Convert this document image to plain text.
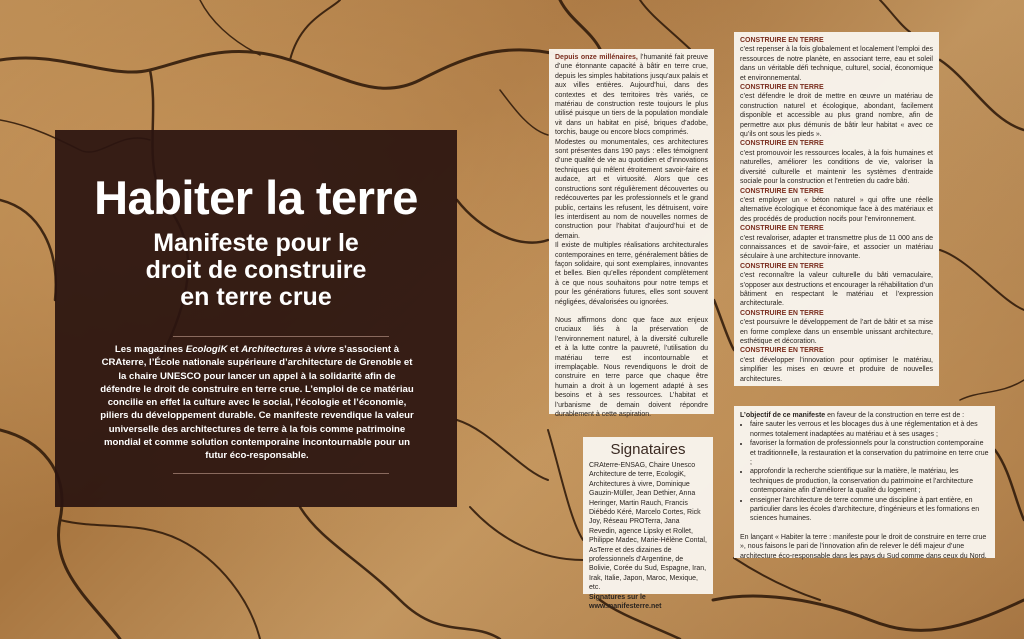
Habiter la terre
Manifeste pour le
droit de construire
en terre crue
Les magazines EcologiK et Architectures à vivre s’associent à CRAterre, l’École nationale supérieure d’architecture de Grenoble et la chaire UNESCO pour lancer un appel à la solidarité afin de défendre le droit de construire en terre crue. L’emploi de ce matériau concilie en effet la culture avec le social, l’écologie et l’économie, piliers du développement durable. Ce manifeste revendique la valeur universelle des architectures de terre à la fois comme patrimoine mondial et comme solution contemporaine incontournable pour un futur éco-responsable.

Depuis onze millénaires, l’humanité fait preuve d’une étonnante capacité à bâtir en terre crue, depuis les simples habitations jusqu’aux palais et aux villes entières. Aujourd’hui, dans des contextes et des territoires très variés, ce matériau de construction reste toujours le plus utilisé puisque un tiers de la population mondiale vit dans un habitat en pisé, briques d’adobe, torchis, bauge ou encore blocs comprimés.

Modestes ou monumentales, ces architectures sont présentes dans 190 pays : elles témoignent d’une qualité de vie au quotidien et d’innovations techniques qui mêlent étroitement savoir-faire et audace, art et virtuosité. Alors que ces constructions sont régulièrement découvertes ou redécouvertes par les professionnels et le grand public, certains les refusent, les détruisent, voire les interdisent au nom de nouvelles normes de construction pour l’habitat d’aujourd’hui et de demain.

Il existe de multiples réalisations architecturales contemporaines en terre, généralement bâties de façon solidaire, qui sont exemplaires, innovantes et belles. Bien qu’elles répondent complètement à ce que nous souhaitons pour notre temps et pour les générations futures, elles sont souvent négligées, dévalorisées ou ignorées.

Nous affirmons donc que face aux enjeux cruciaux liés à la préservation de l’environnement naturel, à la diversité culturelle et à la lutte contre la pauvreté, l’utilisation du matériau terre est incontournable et irremplaçable. Nous revendiquons le droit de construire en terre parce que chaque être humain a droit à un logement adapté à ses besoins et à ses ressources. L’habitat et l’urbanisme de demain doivent répondre durablement à cette aspiration.

Signataires

CRAterre-ENSAG, Chaire Unesco Architecture de terre, EcologiK, Architectures à vivre, Dominique Gauzin-Müller, Jean Dethier, Anna Heringer, Martin Rauch, Francis Diébédo Kéré, Marcelo Cortes, Rick Joy, Réseau PROTerra, Jana Revedin, agence Lipsky et Rollet, Philippe Madec, Marie-Hélène Contal, AsTerre et des dizaines de professionnels d’Argentine, de Bolivie, Corée du Sud, Espagne, Iran, Irak, Italie, Japon, Maroc, Mexique, etc.

Signatures sur le www.manifesterre.net

CONSTRUIRE EN TERRE

c’est repenser à la fois globalement et localement l’emploi des ressources de notre planète, en associant terre, eau et soleil dans un véritable défi technique, culturel, social, économique et environnemental.

CONSTRUIRE EN TERRE

c’est défendre le droit de mettre en œuvre un matériau de construction naturel et écologique, abondant, facilement disponible et accessible au plus grand nombre, afin de permettre aux plus démunis de bâtir leur habitat « avec ce qu’ils ont sous les pieds ».

CONSTRUIRE EN TERRE

c’est promouvoir les ressources locales, à la fois humaines et naturelles, améliorer les conditions de vie, valoriser la diversité culturelle et maintenir les systèmes d’entraide sociale pour la construction et l’entretien du cadre bâti.

CONSTRUIRE EN TERRE

c’est employer un « béton naturel » qui offre une réelle alternative écologique et économique face à des matériaux et des procédés de production nocifs pour l’environnement.

CONSTRUIRE EN TERRE

c’est revaloriser, adapter et transmettre plus de 11 000 ans de connaissances et de savoir-faire, et associer un matériau séculaire à une architecture innovante.

CONSTRUIRE EN TERRE

c’est reconnaître la valeur culturelle du bâti vernaculaire, s’opposer aux destructions et encourager la réhabilitation d’un bâtiment en respectant le matériau et l’expression architecturale.

CONSTRUIRE EN TERRE

c’est poursuivre le développement de l’art de bâtir et sa mise en forme complexe dans un ensemble unissant architecture, esthétique et décoration.

CONSTRUIRE EN TERRE

c’est développer l’innovation pour optimiser le matériau, simplifier les mises en œuvre et produire de nouvelles architectures.

L’objectif de ce manifeste en faveur de la construction en terre est de :

• faire sauter les verrous et les blocages dus à une réglementation et à des normes totalement inadaptées au matériau et à ses usages ;
• favoriser la formation de professionnels pour la construction contemporaine et traditionnelle, la restauration et la conservation du patrimoine en terre crue ;
• approfondir la recherche scientifique sur la matière, le matériau, les techniques de production, la conservation du patrimoine et l’architecture contemporaine afin d’améliorer la qualité du logement ;
• enseigner l’architecture de terre comme une discipline à part entière, en particulier dans les écoles d’architecture, d’ingénieurs et les formations en sciences humaines.

En lançant « Habiter la terre : manifeste pour le droit de construire en terre crue », nous faisons le pari de l’innovation afin de relever le défi majeur d’une architecture éco-responsable dans les pays du Sud comme dans ceux du Nord.
